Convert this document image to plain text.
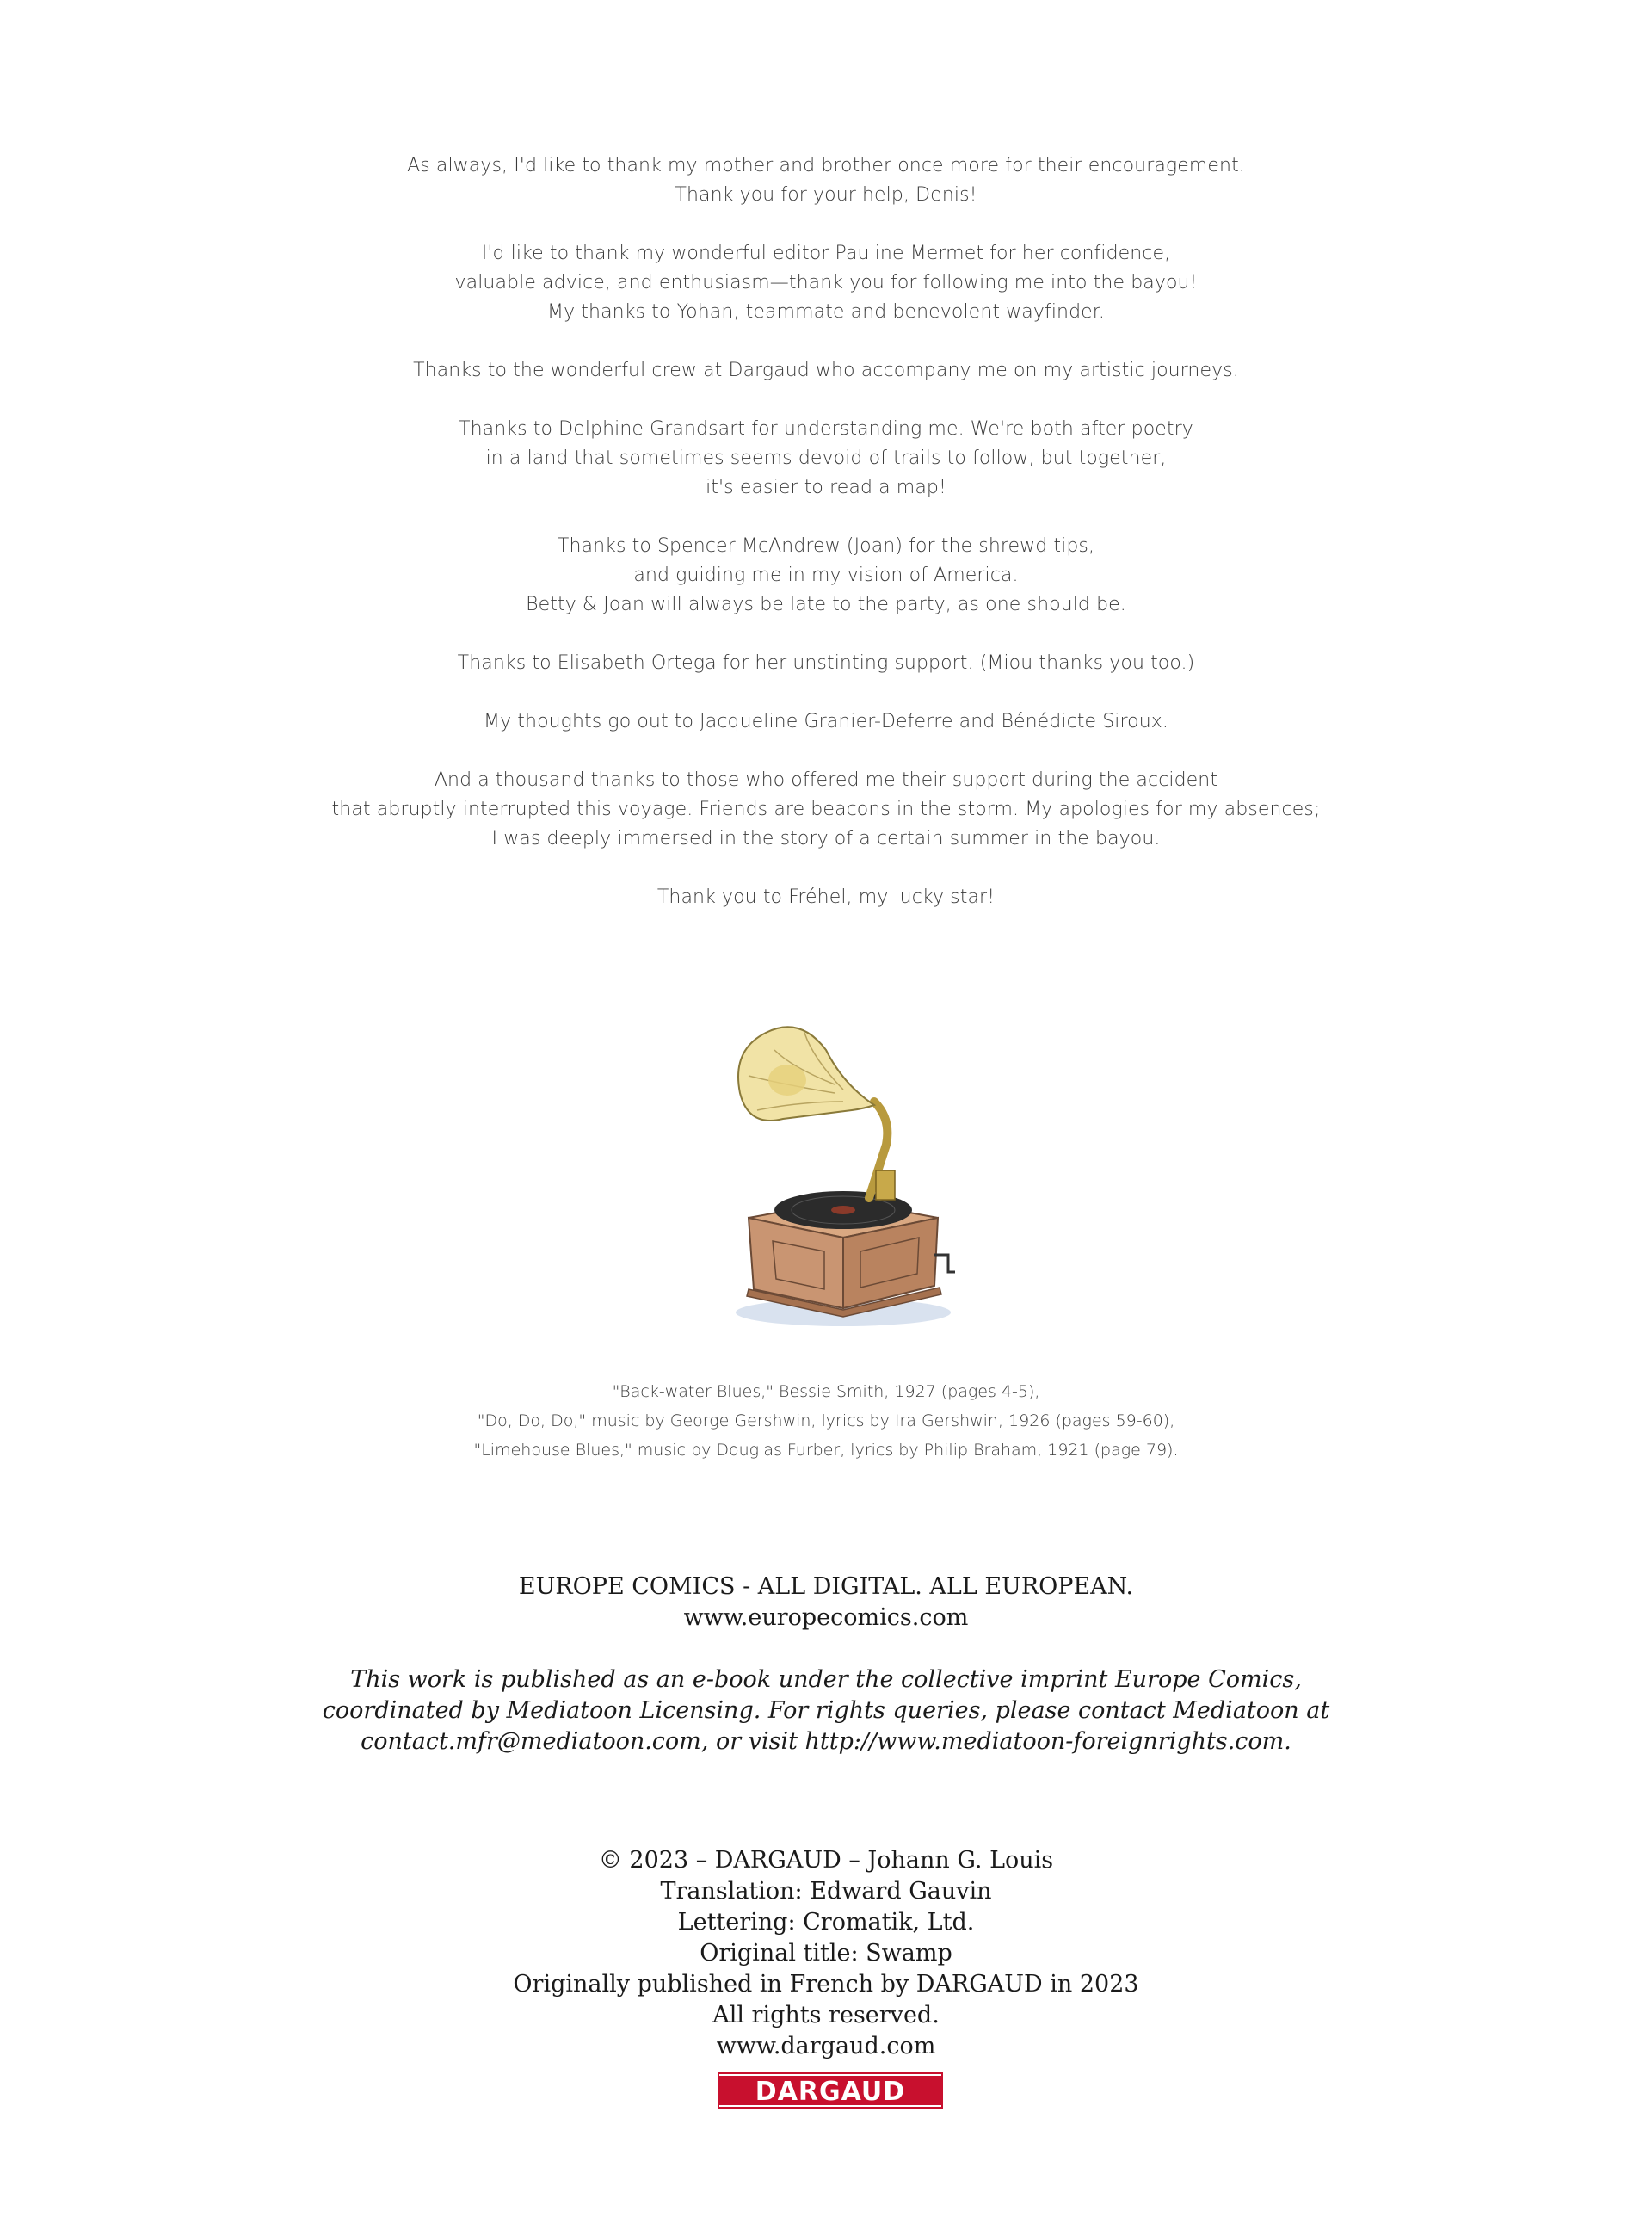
As always, I'd like to thank my mother and brother once more for their encouragement.
Thank you for your help, Denis!
I'd like to thank my wonderful editor Pauline Mermet for her confidence,
valuable advice, and enthusiasm—thank you for following me into the bayou!
My thanks to Yohan, teammate and benevolent wayfinder.
Thanks to the wonderful crew at Dargaud who accompany me on my artistic journeys.
Thanks to Delphine Grandsart for understanding me. We're both after poetry
in a land that sometimes seems devoid of trails to follow, but together,
it's easier to read a map!
Thanks to Spencer McAndrew (Joan) for the shrewd tips,
and guiding me in my vision of America.
Betty & Joan will always be late to the party, as one should be.
Thanks to Elisabeth Ortega for her unstinting support. (Miou thanks you too.)
My thoughts go out to Jacqueline Granier-Deferre and Bénédicte Siroux.
And a thousand thanks to those who offered me their support during the accident
that abruptly interrupted this voyage. Friends are beacons in the storm. My apologies for my absences;
I was deeply immersed in the story of a certain summer in the bayou.
Thank you to Fréhel, my lucky star!
"Back-water Blues," Bessie Smith, 1927 (pages 4-5),
"Do, Do, Do," music by George Gershwin, lyrics by Ira Gershwin, 1926 (pages 59-60),
"Limehouse Blues," music by Douglas Furber, lyrics by Philip Braham, 1921 (page 79).
EUROPE COMICS - ALL DIGITAL. ALL EUROPEAN.
www.europecomics.com
This work is published as an e-book under the collective imprint Europe Comics,
coordinated by Mediatoon Licensing. For rights queries, please contact Mediatoon at
contact.mfr@mediatoon.com, or visit http://www.mediatoon-foreignrights.com.
© 2023 – DARGAUD – Johann G. Louis
Translation: Edward Gauvin
Lettering: Cromatik, Ltd.
Original title: Swamp
Originally published in French by DARGAUD in 2023
All rights reserved.
www.dargaud.com
DARGAUD
